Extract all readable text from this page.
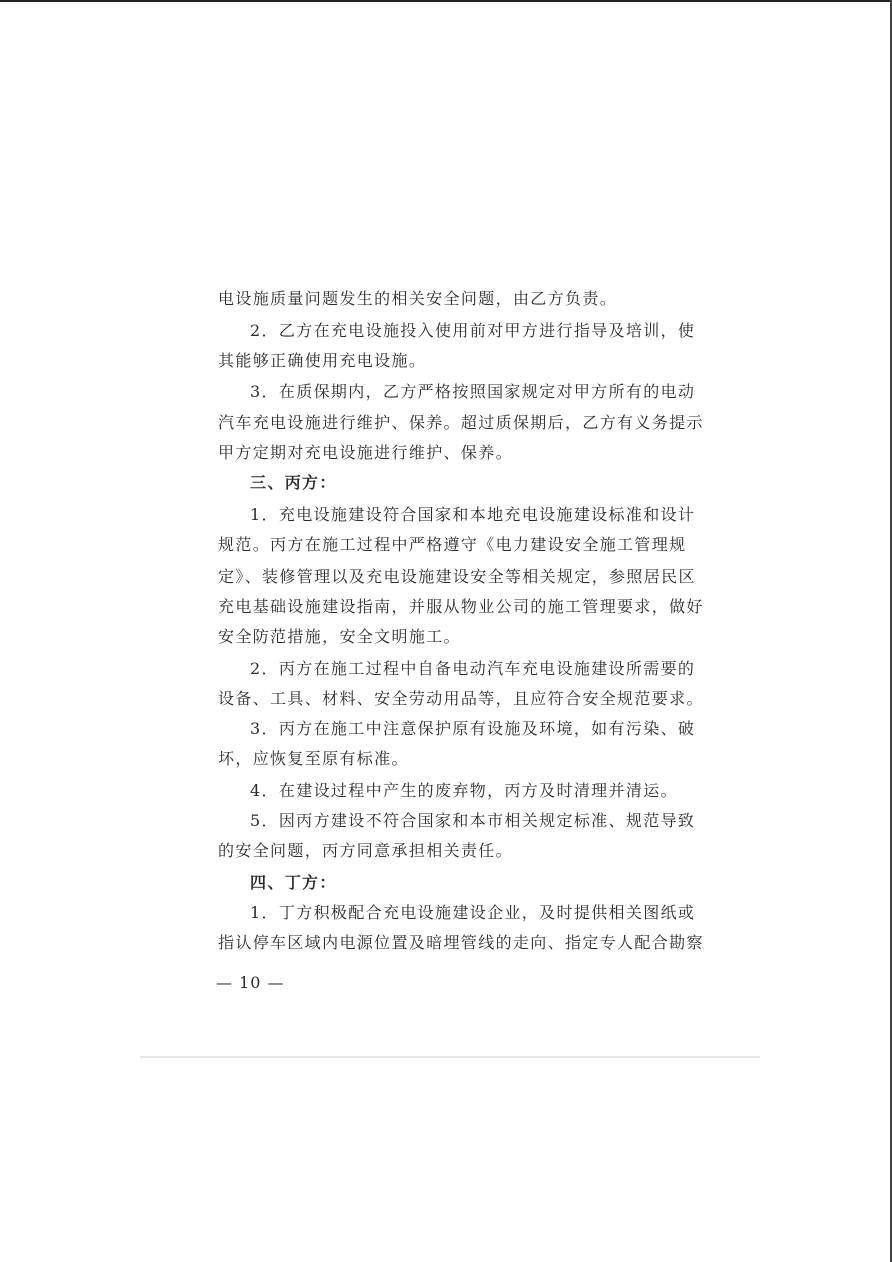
电设施质量问题发生的相关安全问题，由乙方负责。
2．乙方在充电设施投入使用前对甲方进行指导及培训，使
其能够正确使用充电设施。
3．在质保期内，乙方严格按照国家规定对甲方所有的电动
汽车充电设施进行维护、保养。超过质保期后，乙方有义务提示
甲方定期对充电设施进行维护、保养。
三、丙方：
1．充电设施建设符合国家和本地充电设施建设标准和设计
规范。丙方在施工过程中严格遵守《电力建设安全施工管理规
定》、装修管理以及充电设施建设安全等相关规定，参照居民区
充电基础设施建设指南，并服从物业公司的施工管理要求，做好
安全防范措施，安全文明施工。
2．丙方在施工过程中自备电动汽车充电设施建设所需要的
设备、工具、材料、安全劳动用品等，且应符合安全规范要求。
3．丙方在施工中注意保护原有设施及环境，如有污染、破
坏，应恢复至原有标准。
4．在建设过程中产生的废弃物，丙方及时清理并清运。
5．因丙方建设不符合国家和本市相关规定标准、规范导致
的安全问题，丙方同意承担相关责任。
四、丁方：
1．丁方积极配合充电设施建设企业，及时提供相关图纸或
指认停车区域内电源位置及暗埋管线的走向、指定专人配合勘察
— 10 —
